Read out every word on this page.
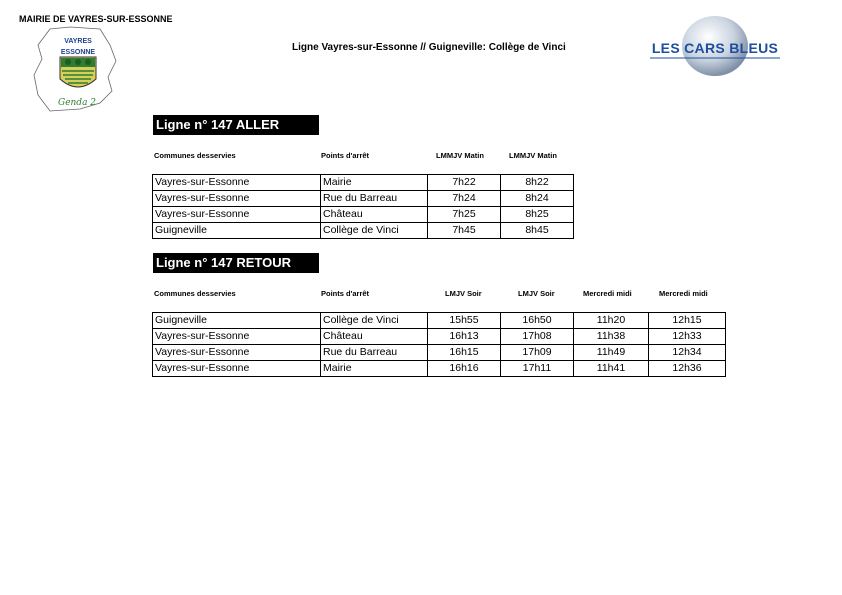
MAIRIE DE VAYRES-SUR-ESSONNE
VAYRES
ESSONNE
Genda 2
Ligne Vayres-sur-Essonne // Guigneville: Collège de Vinci	LES CARS BLEUS
Ligne n° 147 ALLER
Communes desservies	Points d'arrêt	LMMJV Matin	LMMJV Matin
Vayres-sur-Essonne	Mairie	7h22	8h22
Vayres-sur-Essonne	Rue du Barreau	7h24	8h24
Vayres-sur-Essonne	Château	7h25	8h25
Guigneville	Collège de Vinci	7h45	8h45
Ligne n° 147 RETOUR
Communes desservies	Points d'arrêt	LMJV Soir	LMJV Soir	Mercredi midi	Mercredi midi
Guigneville	Collège de Vinci	15h55	16h50	11h20	12h15
Vayres-sur-Essonne	Château	16h13	17h08	11h38	12h33
Vayres-sur-Essonne	Rue du Barreau	16h15	17h09	11h49	12h34
Vayres-sur-Essonne	Mairie	16h16	17h11	11h41	12h36
